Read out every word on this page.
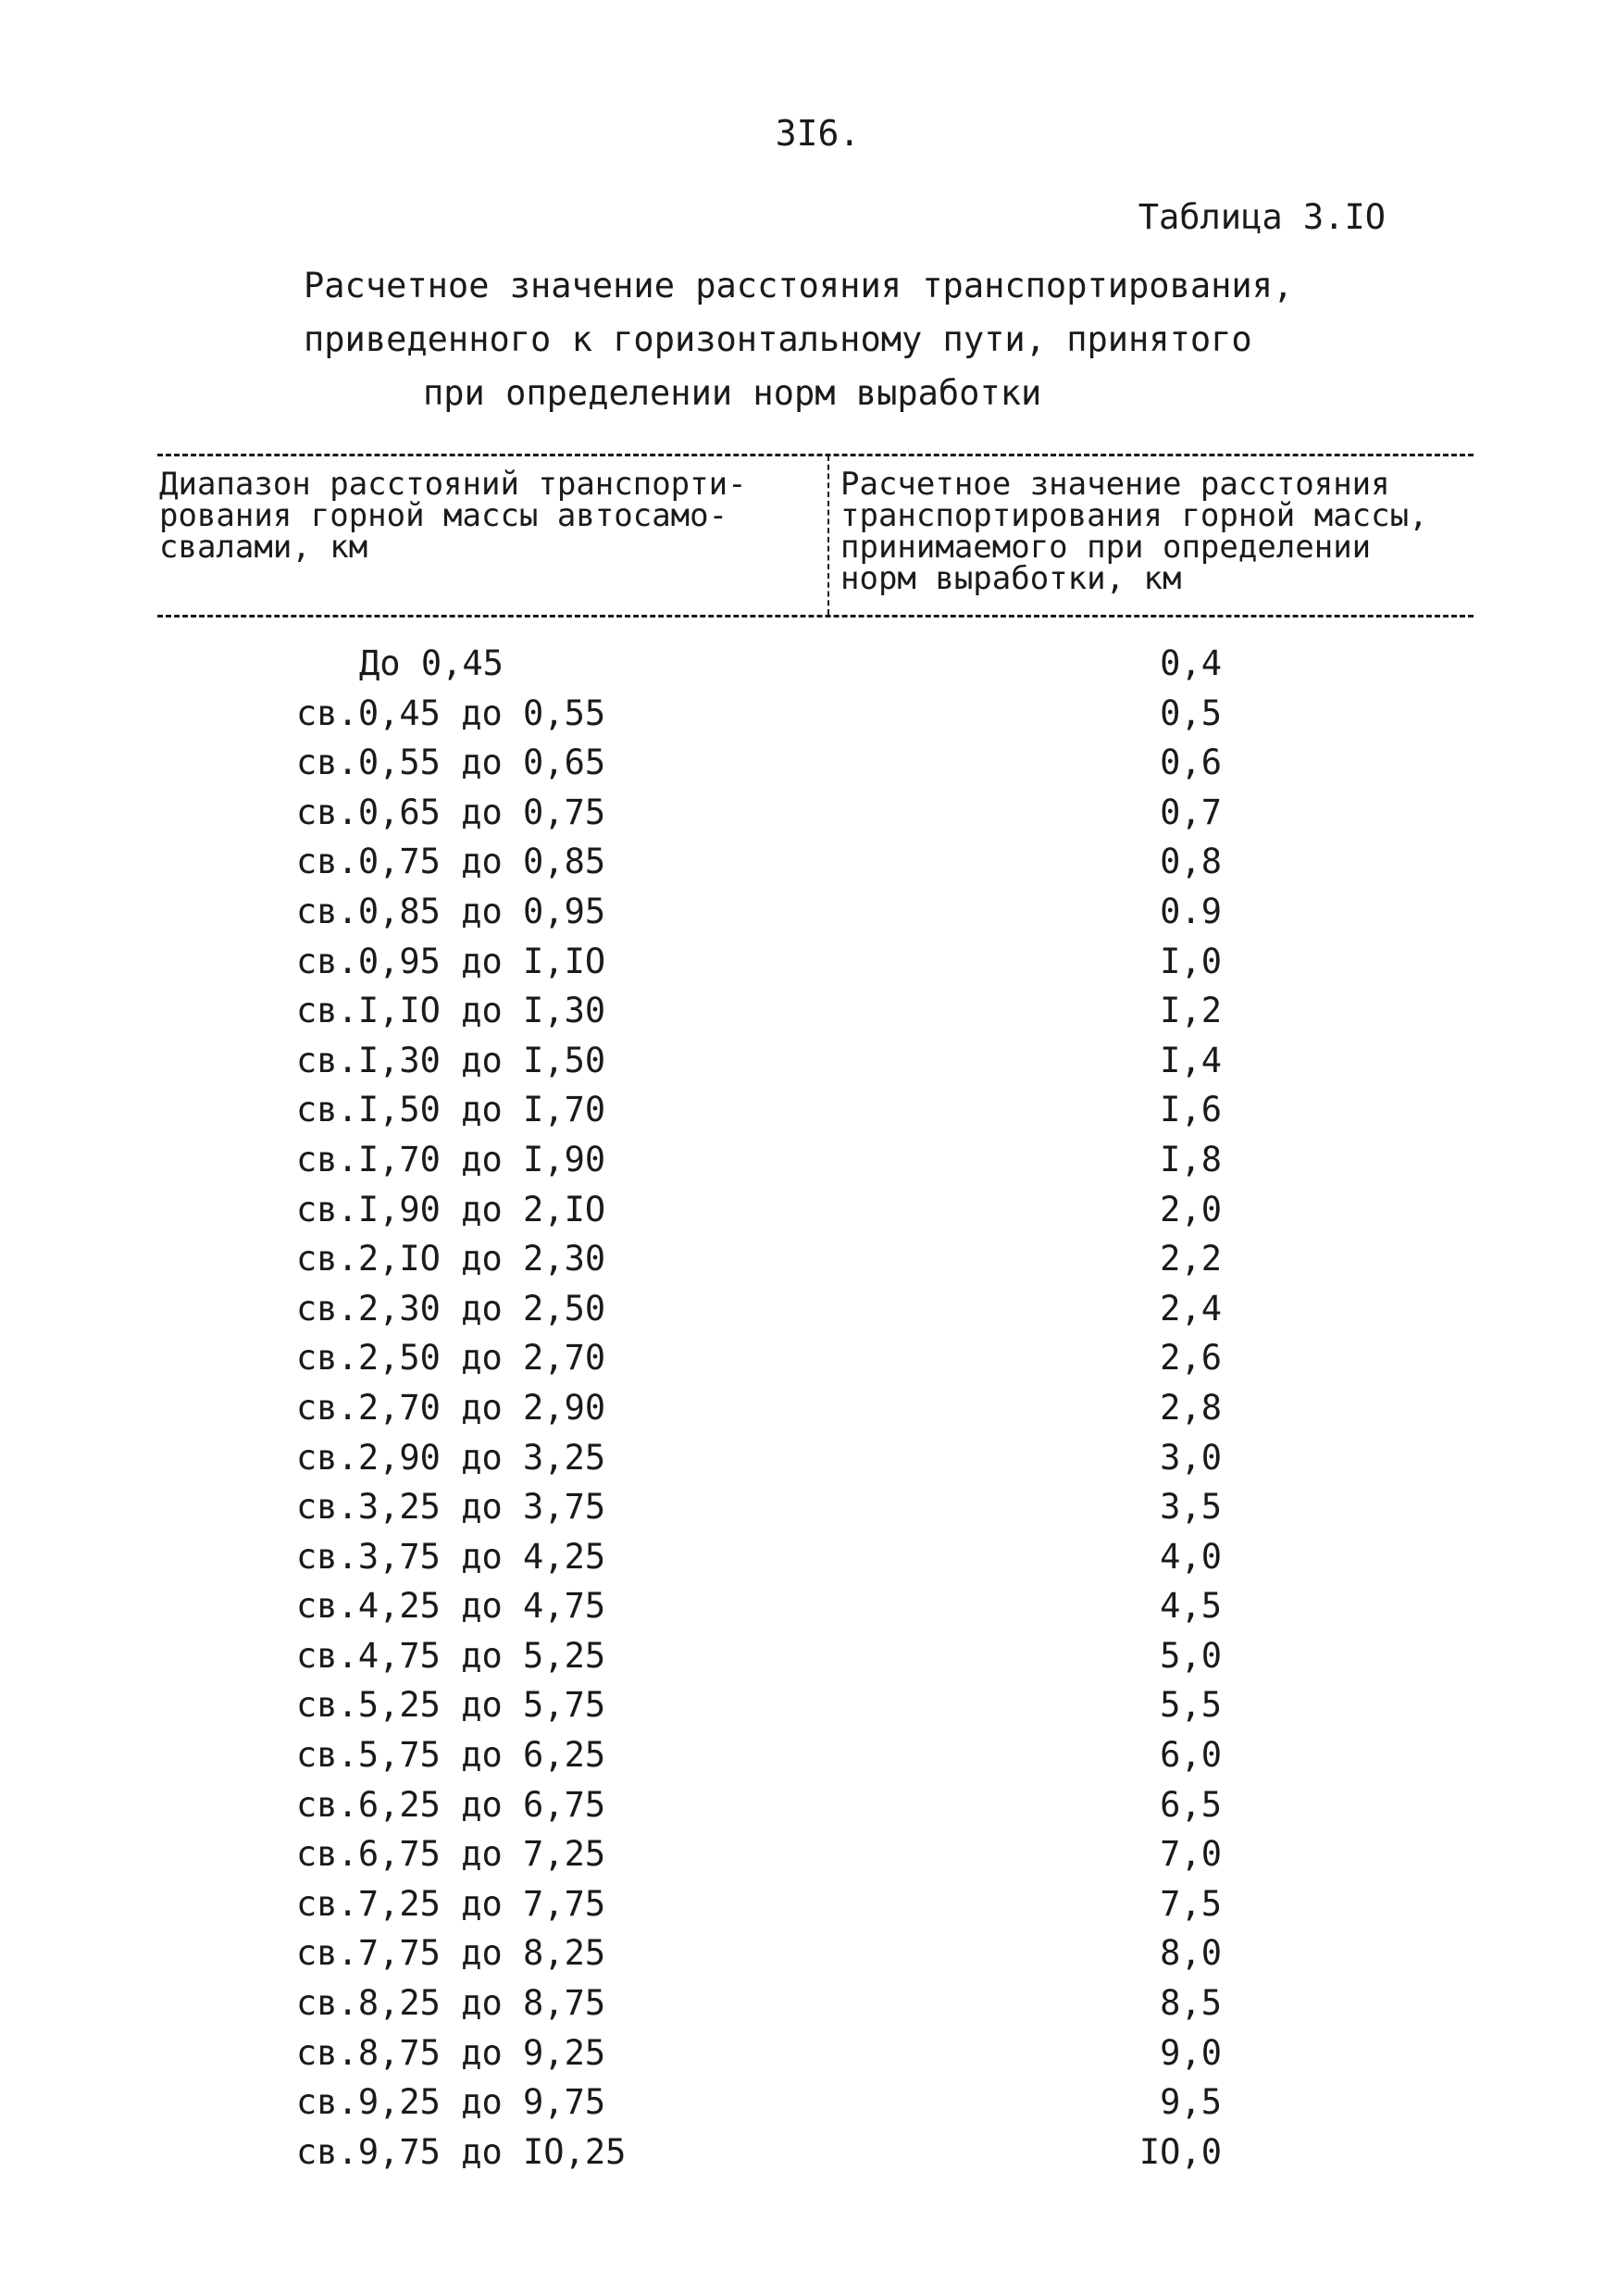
3I6.
Таблица 3.IO
Расчетное значение расстояния транспортирования,
приведенного к горизонтальному пути, принятого
при определении норм выработки
Диапазон расстояний транспорти-
рования горной массы автосамо-
свалами, км
Расчетное значение расстояния
транспортирования горной массы,
принимаемого при определении
норм выработки, км
До 0,45	0,4
св.0,45 до 0,55	0,5
св.0,55 до 0,65	0,6
св.0,65 до 0,75	0,7
св.0,75 до 0,85	0,8
св.0,85 до 0,95	0.9
св.0,95 до I,IO	I,0
св.I,IO до I,30	I,2
св.I,30 до I,50	I,4
св.I,50 до I,70	I,6
св.I,70 до I,90	I,8
св.I,90 до 2,IO	2,0
св.2,IO до 2,30	2,2
св.2,30 до 2,50	2,4
св.2,50 до 2,70	2,6
св.2,70 до 2,90	2,8
св.2,90 до 3,25	3,0
св.3,25 до 3,75	3,5
св.3,75 до 4,25	4,0
св.4,25 до 4,75	4,5
св.4,75 до 5,25	5,0
св.5,25 до 5,75	5,5
св.5,75 до 6,25	6,0
св.6,25 до 6,75	6,5
св.6,75 до 7,25	7,0
св.7,25 до 7,75	7,5
св.7,75 до 8,25	8,0
св.8,25 до 8,75	8,5
св.8,75 до 9,25	9,0
св.9,25 до 9,75	9,5
св.9,75 до IO,25	IO,0
